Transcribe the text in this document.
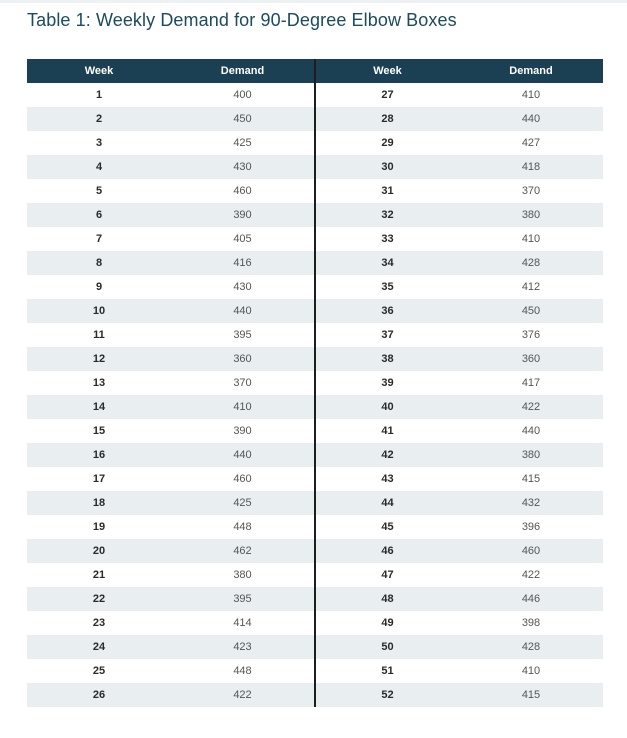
Table 1: Weekly Demand for 90-Degree Elbow Boxes
Week	Demand	Week	Demand
1	400	27	410
2	450	28	440
3	425	29	427
4	430	30	418
5	460	31	370
6	390	32	380
7	405	33	410
8	416	34	428
9	430	35	412
10	440	36	450
11	395	37	376
12	360	38	360
13	370	39	417
14	410	40	422
15	390	41	440
16	440	42	380
17	460	43	415
18	425	44	432
19	448	45	396
20	462	46	460
21	380	47	422
22	395	48	446
23	414	49	398
24	423	50	428
25	448	51	410
26	422	52	415
